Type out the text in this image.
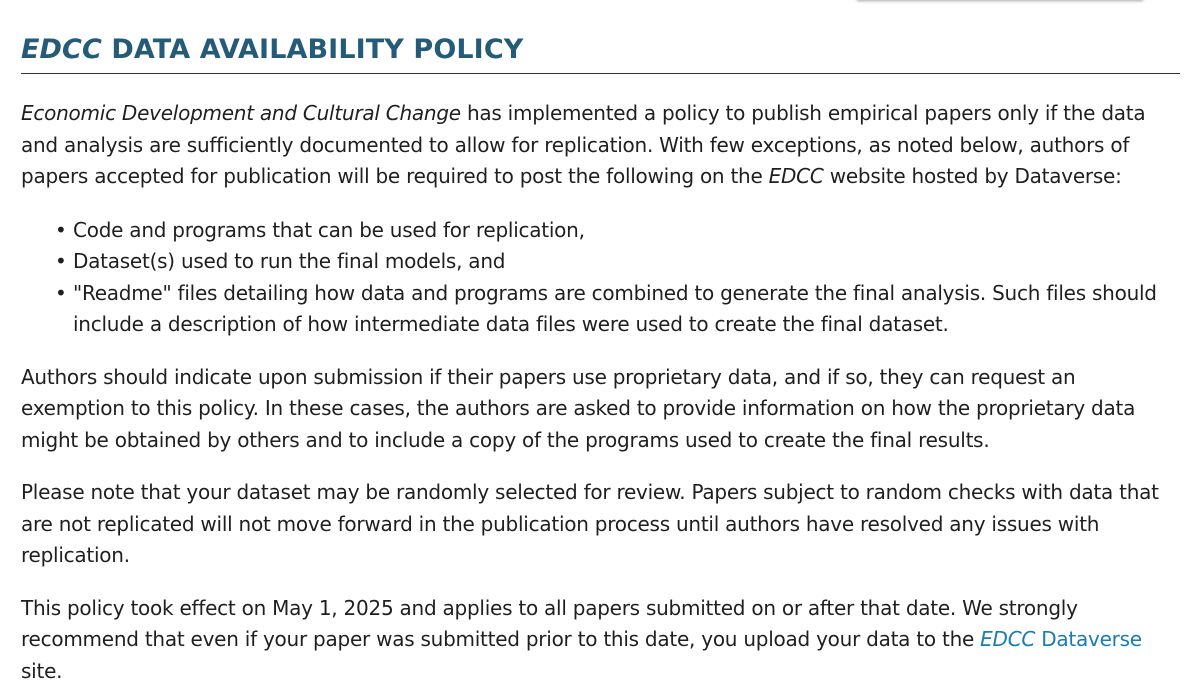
EDCC DATA AVAILABILITY POLICY

Economic Development and Cultural Change has implemented a policy to publish empirical papers only if the data and analysis are sufficiently documented to allow for replication. With few exceptions, as noted below, authors of papers accepted for publication will be required to post the following on the EDCC website hosted by Dataverse:

• Code and programs that can be used for replication,
• Dataset(s) used to run the final models, and
• "Readme" files detailing how data and programs are combined to generate the final analysis. Such files should include a description of how intermediate data files were used to create the final dataset.

Authors should indicate upon submission if their papers use proprietary data, and if so, they can request an exemption to this policy. In these cases, the authors are asked to provide information on how the proprietary data might be obtained by others and to include a copy of the programs used to create the final results.

Please note that your dataset may be randomly selected for review. Papers subject to random checks with data that are not replicated will not move forward in the publication process until authors have resolved any issues with replication.

This policy took effect on May 1, 2025 and applies to all papers submitted on or after that date. We strongly recommend that even if your paper was submitted prior to this date, you upload your data to the EDCC Dataverse site.
